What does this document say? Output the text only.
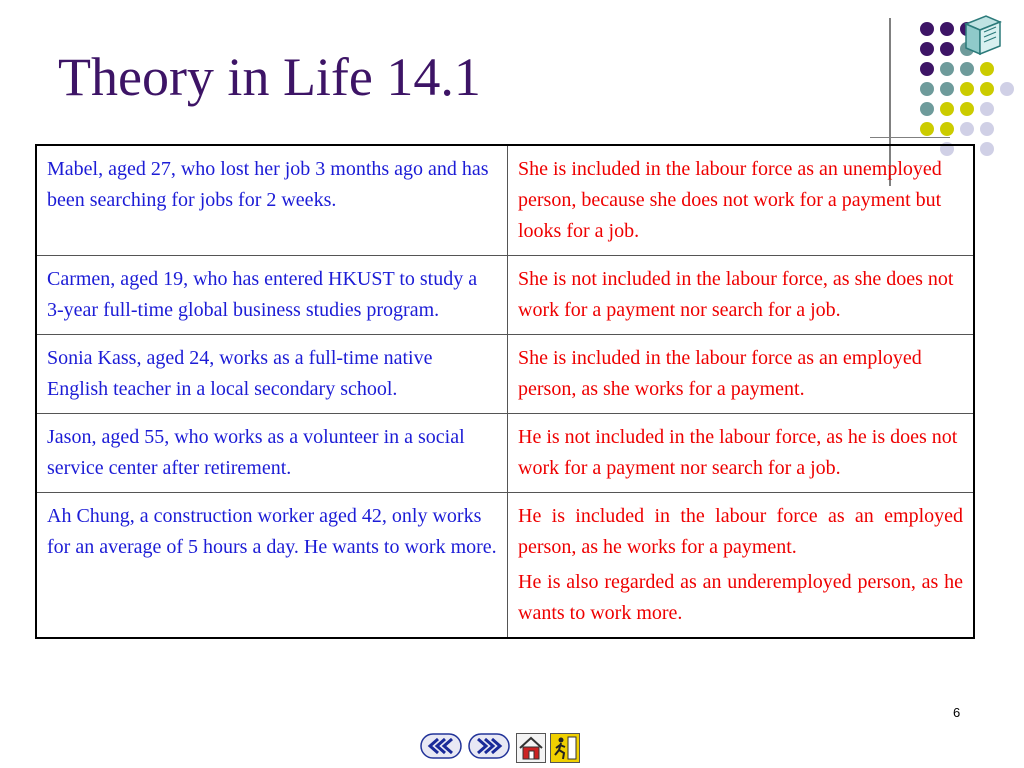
Theory in Life 14.1
Mabel, aged 27, who lost her job 3 months ago and has been searching for jobs for 2 weeks.	She is included in the labour force as an unemployed person, because she does not work for a payment but looks for a job.

Carmen, aged 19, who has entered HKUST to study a 3-year full-time global business studies program.	She is not included in the labour force, as she does not work for a payment nor search for a job.

Sonia Kass, aged 24, works as a full-time native English teacher in a local secondary school.	She is included in the labour force as an employed person, as she works for a payment.

Jason, aged 55, who works as a volunteer in a social service center after retirement.	He is not included in the labour force, as he is does not work for a payment nor search for a job.

Ah Chung, a construction worker aged 42, only works for an average of 5 hours a day. He wants to work more.	He is included in the labour force as an employed person, as he works for a payment.

He is also regarded as an underemployed person, as he wants to work more.

6
